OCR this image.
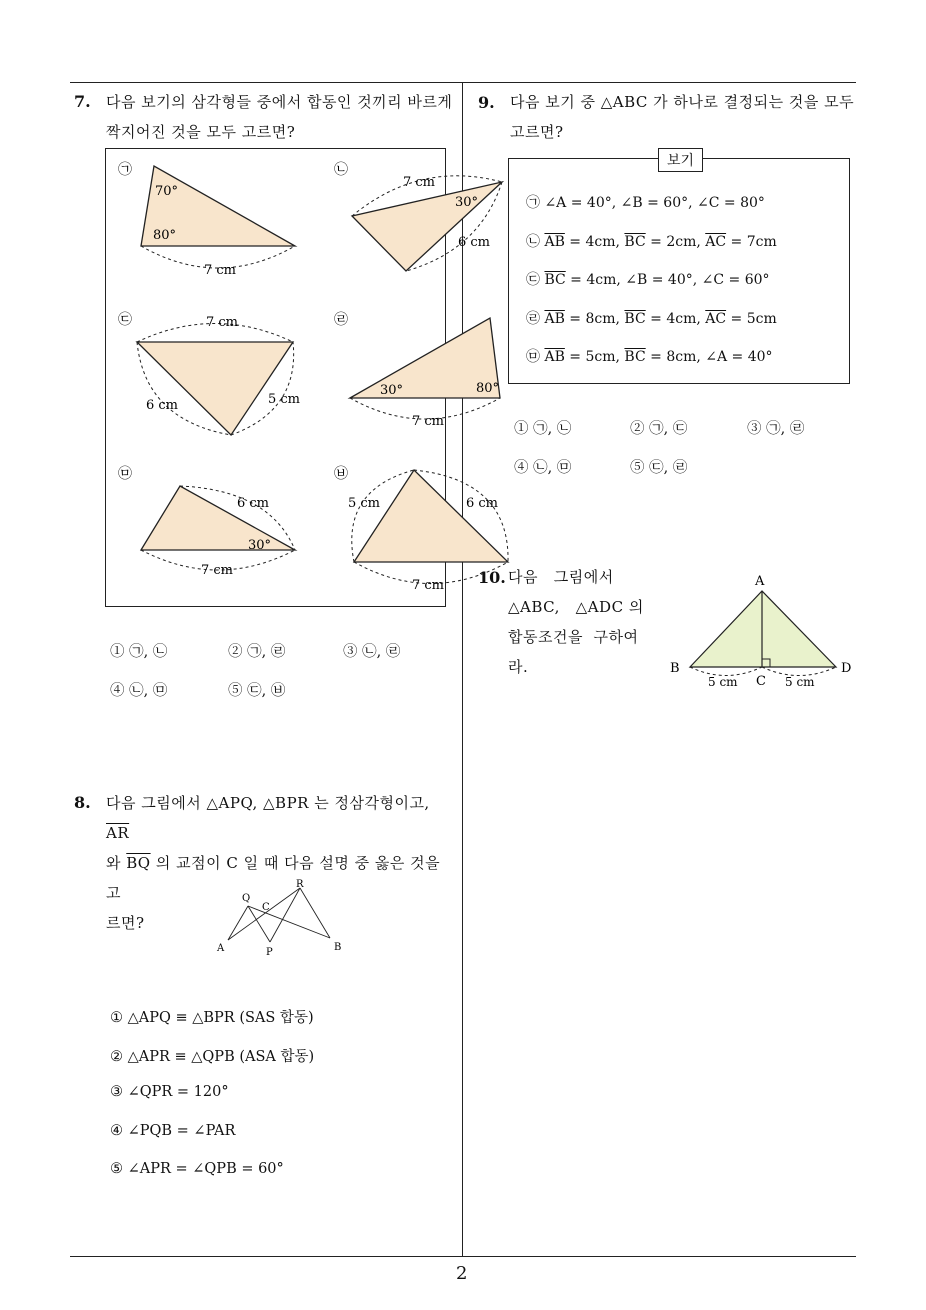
7. 다음 보기의 삼각형들 중에서 합동인 것끼리 바르게
짝지어진 것을 모두 고르면?
㉠
70°
80°
7 cm
㉡
7 cm
30°
6 cm
㉢	7 cm
6 cm	5 cm
㉣
30°	80°
7 cm
㉤
6 cm
30°
7 cm
㉥
5 cm	6 cm
7 cm
① ㉠, ㉡	② ㉠, ㉣	③ ㉡, ㉣
④ ㉡, ㉤	⑤ ㉢, ㉥
8. 다음 그림에서 △APQ, △BPR 는 정삼각형이고, $\overline{AR}$
와 $\overline{BQ}$ 의 교점이 C 일 때 다음 설명 중 옳은 것을 고
르면?
A	P	B
Q
C
R
① △APQ ≡ △BPR (SAS 합동)
② △APR ≡ △QPB (ASA 합동)
③ ∠QPR = 120°
④ ∠PQB = ∠PAR
⑤ ∠APR = ∠QPB = 60°
9. 다음 보기 중 △ABC 가 하나로 결정되는 것을 모두
고르면?
보기
㉠ ∠A = 40°, ∠B = 60°, ∠C = 80°
㉡ $\overline{AB} = 4cm$, $\overline{BC} = 2cm$, $\overline{AC} = 7cm$
㉢ $\overline{BC} = 4cm$, ∠B = 40°, ∠C = 60°
㉣ $\overline{AB} = 8cm$, $\overline{BC} = 4cm$, $\overline{AC} = 5cm$
㉤ $\overline{AB} = 5cm$, $\overline{BC} = 8cm$, ∠A = 40°
① ㉠, ㉡	② ㉠, ㉢	③ ㉠, ㉣
④ ㉡, ㉤	⑤ ㉢, ㉣
10. 다음   그림에서
△ABC,   △ADC 의
합동조건을  구하여
라.
A
B
C
D
5 cm	5 cm
2
